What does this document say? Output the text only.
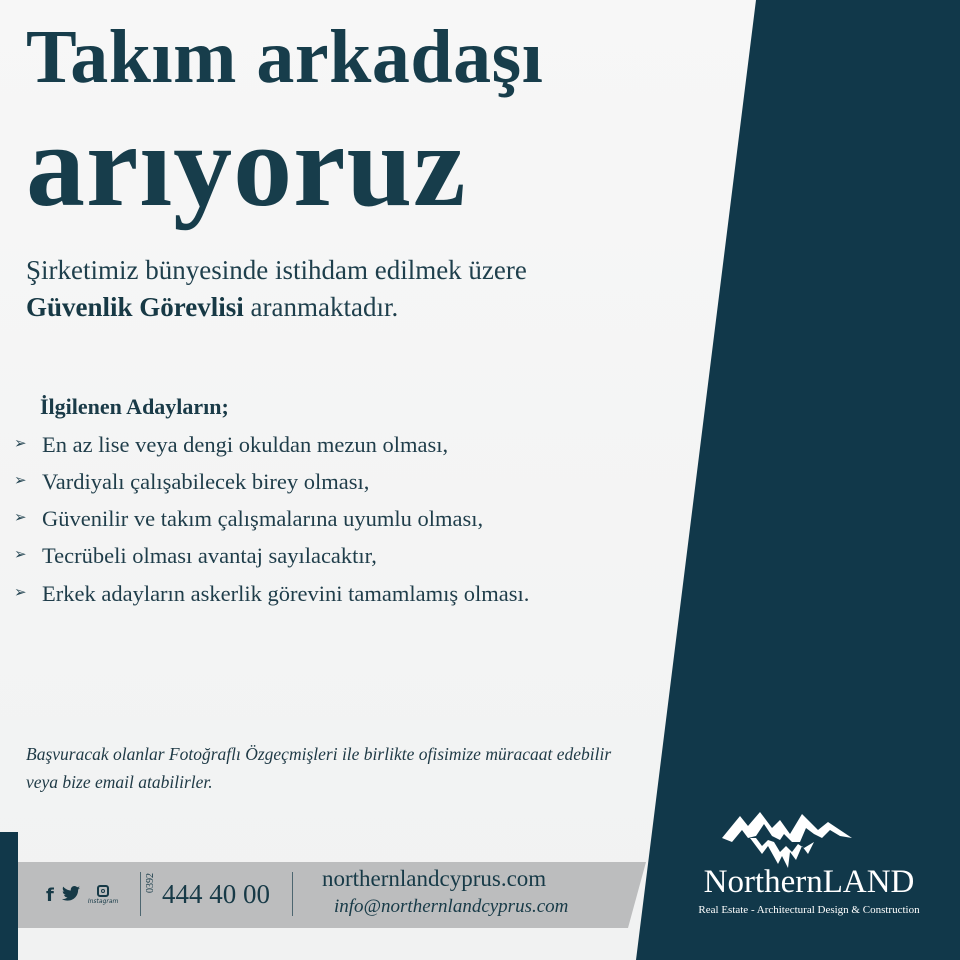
Takım arkadaşı
arıyoruz
Şirketimiz bünyesinde istihdam edilmek üzere
Güvenlik Görevlisi aranmaktadır.
İlgilenen Adayların;
➢ En az lise veya dengi okuldan mezun olması,
➢ Vardiyalı çalışabilecek birey olması,
➢ Güvenilir ve takım çalışmalarına uyumlu olması,
➢ Tecrübeli olması avantaj sayılacaktır,
➢ Erkek adayların askerlik görevini tamamlamış olması.
Başvuracak olanlar Fotoğraflı Özgeçmişleri ile birlikte ofisimize müracaat edebilir veya bize email atabilirler.
f	Instagram
0392 444 40 00
northernlandcyprus.com
info@northernlandcyprus.com
NorthernLAND
Real Estate - Architectural Design & Construction
